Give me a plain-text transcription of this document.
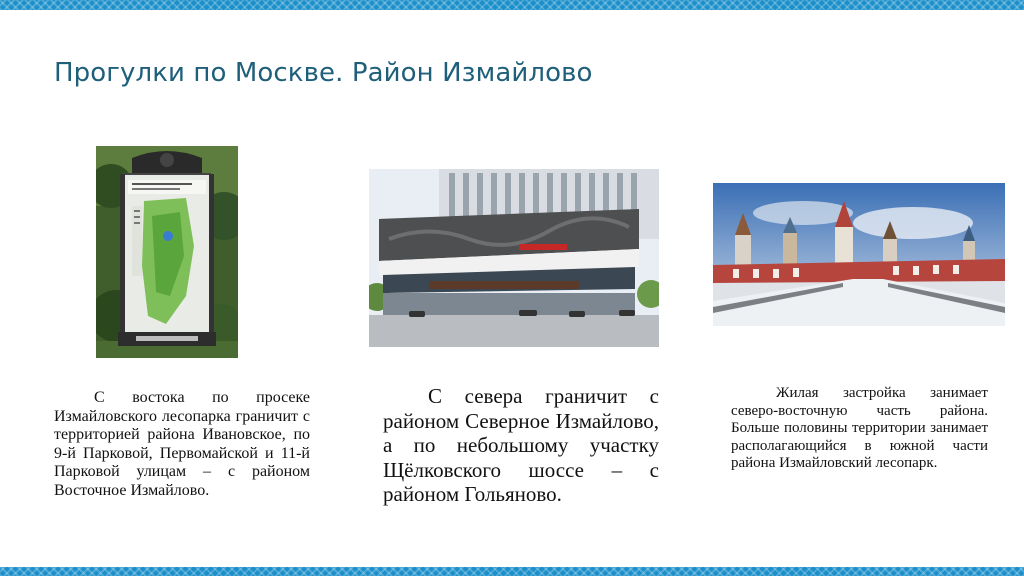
Прогулки по Москве. Район Измайлово

С востока по просеке Измайловского лесопарка граничит с территорией района Ивановское, по 9-й Парковой, Первомайской и 11-й Парковой улицам – с районом Восточное Измайлово.

С севера граничит с районом Северное Измайлово, а по небольшому участку Щёлковского шоссе – с районом Гольяново.

Жилая застройка занимает северо-восточную часть района. Больше половины территории занимает располагающийся в южной части района Измайловский лесопарк.
